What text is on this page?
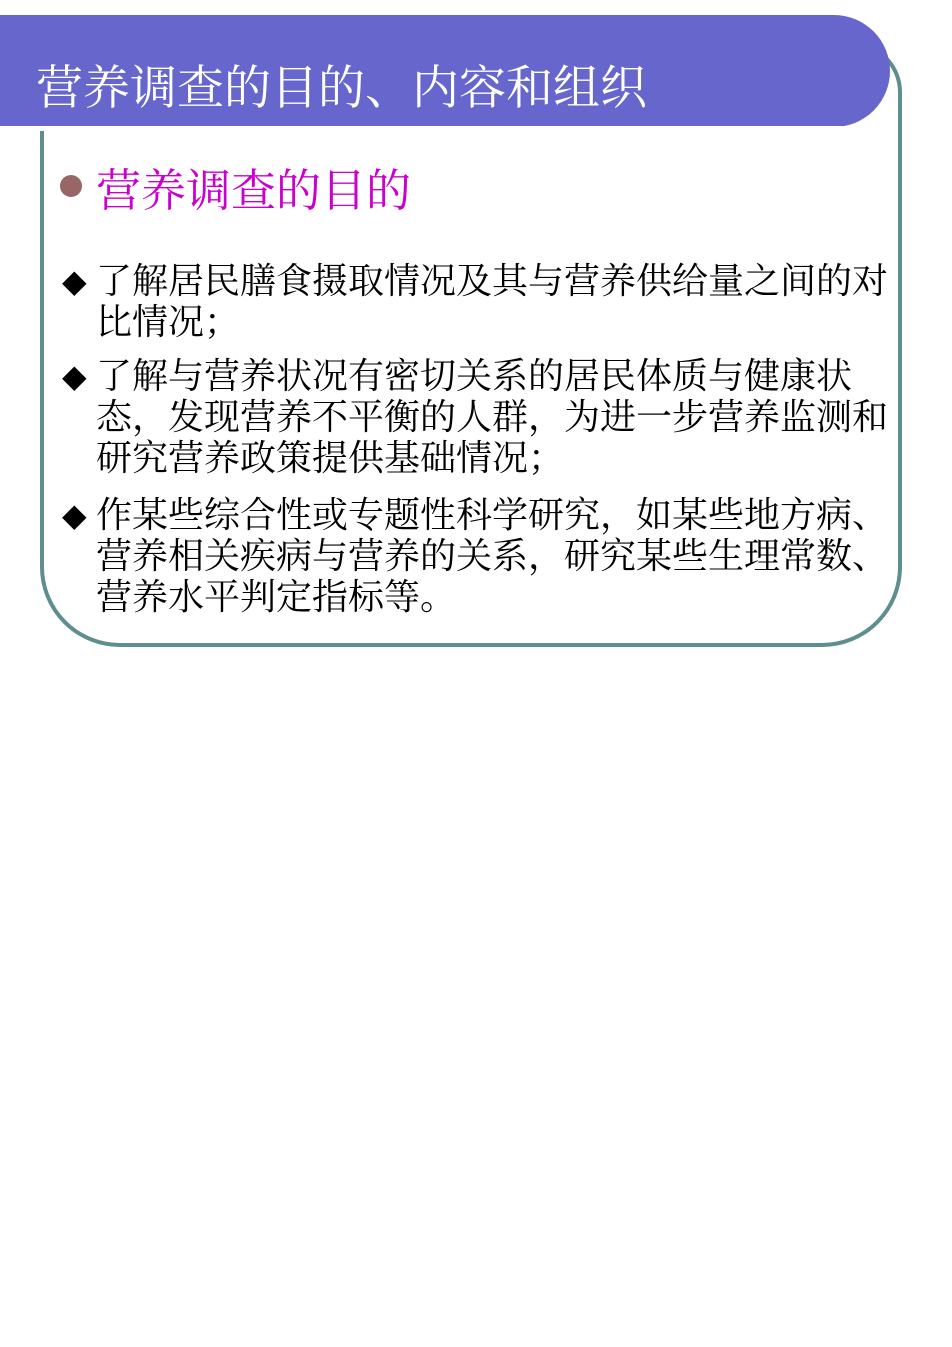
营养调查的目的、内容和组织
营养调查的目的
◆ 了解居民膳食摄取情况及其与营养供给量之间的对比情况；
◆ 了解与营养状况有密切关系的居民体质与健康状态，发现营养不平衡的人群，为进一步营养监测和研究营养政策提供基础情况；
◆ 作某些综合性或专题性科学研究，如某些地方病、营养相关疾病与营养的关系，研究某些生理常数、营养水平判定指标等。
